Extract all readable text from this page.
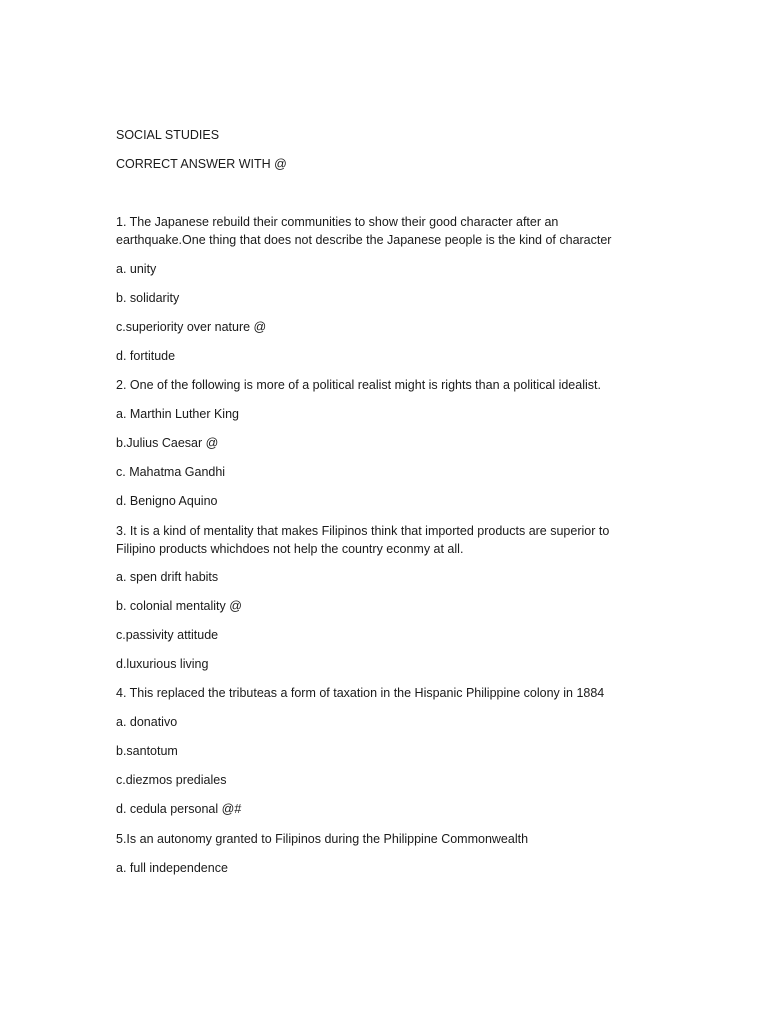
SOCIAL STUDIES
CORRECT ANSWER WITH @
1. The Japanese rebuild their communities to show their good character after an
earthquake.One thing that does not describe the Japanese people is the kind of character
a. unity
b. solidarity
c.superiority over nature @
d. fortitude
2. One of the following is more of a political realist might is rights than a political idealist.
a. Marthin Luther King
b.Julius Caesar @
c. Mahatma Gandhi
d. Benigno Aquino
3. It is a kind of mentality that makes Filipinos think that imported products are superior to
Filipino products whichdoes not help the country econmy at all.
a. spen drift habits
b. colonial mentality @
c.passivity attitude
d.luxurious living
4. This replaced the tributeas a form of taxation in the Hispanic Philippine colony in 1884
a. donativo
b.santotum
c.diezmos prediales
d. cedula personal @#
5.Is an autonomy granted to Filipinos during the Philippine Commonwealth
a. full independence
